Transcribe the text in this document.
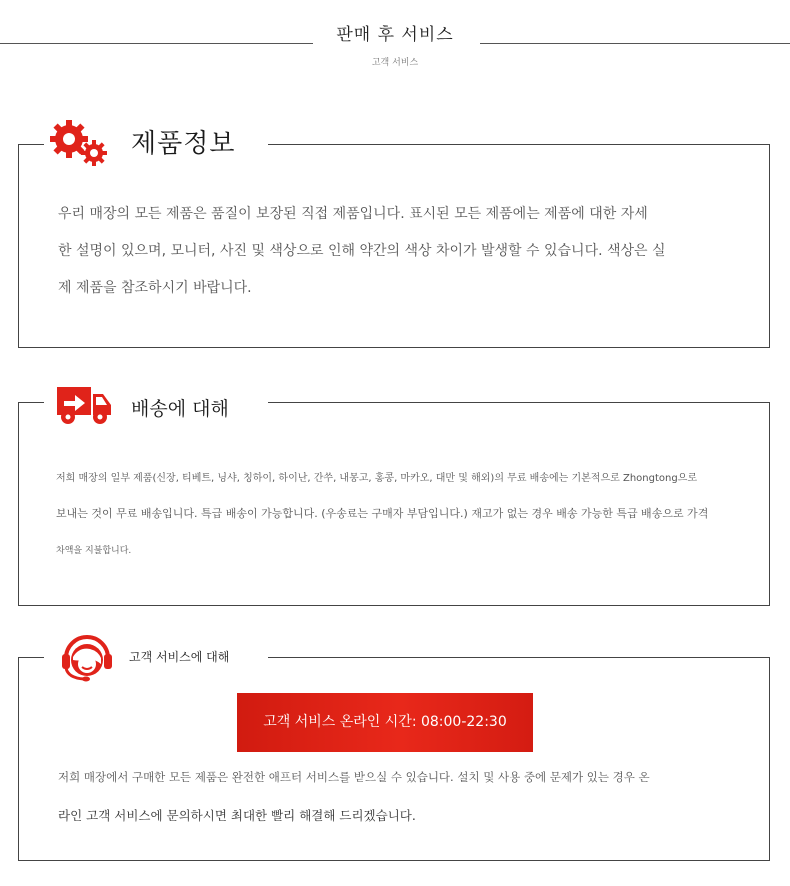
판매 후 서비스
고객 서비스
제품정보
우리 매장의 모든 제품은 품질이 보장된 직접 제품입니다. 표시된 모든 제품에는 제품에 대한 자세
한 설명이 있으며, 모니터, 사진 및 색상으로 인해 약간의 색상 차이가 발생할 수 있습니다. 색상은 실
제 제품을 참조하시기 바랍니다.
배송에 대해
저희 매장의 일부 제품(신장, 티베트, 닝샤, 칭하이, 하이난, 간쑤, 내몽고, 홍콩, 마카오, 대만 및 해외)의 무료 배송에는 기본적으로 Zhongtong으로
보내는 것이 무료 배송입니다. 특급 배송이 가능합니다. (우송료는 구매자 부담입니다.) 재고가 없는 경우 배송 가능한 특급 배송으로 가격
차액을 지불합니다.
고객 서비스에 대해
고객 서비스 온라인 시간: 08:00-22:30
저희 매장에서 구매한 모든 제품은 완전한 애프터 서비스를 받으실 수 있습니다. 설치 및 사용 중에 문제가 있는 경우 온
라인 고객 서비스에 문의하시면 최대한 빨리 해결해 드리겠습니다.
